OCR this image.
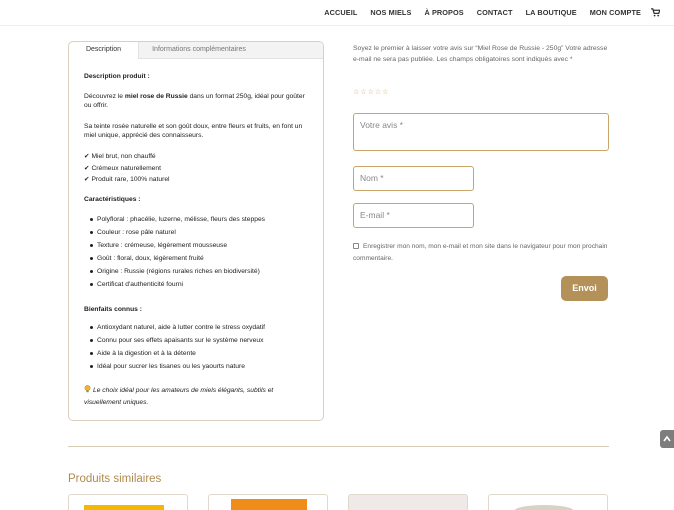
ACCUEIL NOS MIELS À PROPOS CONTACT LA BOUTIQUE MON COMPTE
Description	Informations complémentaires
Description produit :
Découvrez le miel rose de Russie dans un format 250g, idéal pour goûter ou offrir.
Sa teinte rosée naturelle et son goût doux, entre fleurs et fruits, en font un miel unique, apprécié des connaisseurs.
✔ Miel brut, non chauffé
✔ Crémeux naturellement
✔ Produit rare, 100% naturel
Caractéristiques :
Polyfloral : phacélie, luzerne, mélisse, fleurs des steppes
Couleur : rose pâle naturel
Texture : crémeuse, légèrement mousseuse
Goût : floral, doux, légèrement fruité
Origine : Russie (régions rurales riches en biodiversité)
Certificat d'authenticité fourni
Bienfaits connus :
Antioxydant naturel, aide à lutter contre le stress oxydatif
Connu pour ses effets apaisants sur le système nerveux
Aide à la digestion et à la détente
Idéal pour sucrer les tisanes ou les yaourts nature
Le choix idéal pour les amateurs de miels élégants, subtils et visuellement uniques.
Soyez le premier à laisser votre avis sur “Miel Rose de Russie - 250g” Votre adresse e-mail ne sera pas publiée. Les champs obligatoires sont indiqués avec *
☆ ☆ ☆ ☆ ☆
Votre avis *
Nom *
E-mail *
Enregistrer mon nom, mon e-mail et mon site dans le navigateur pour mon prochain commentaire.
Envoi
Produits similaires
